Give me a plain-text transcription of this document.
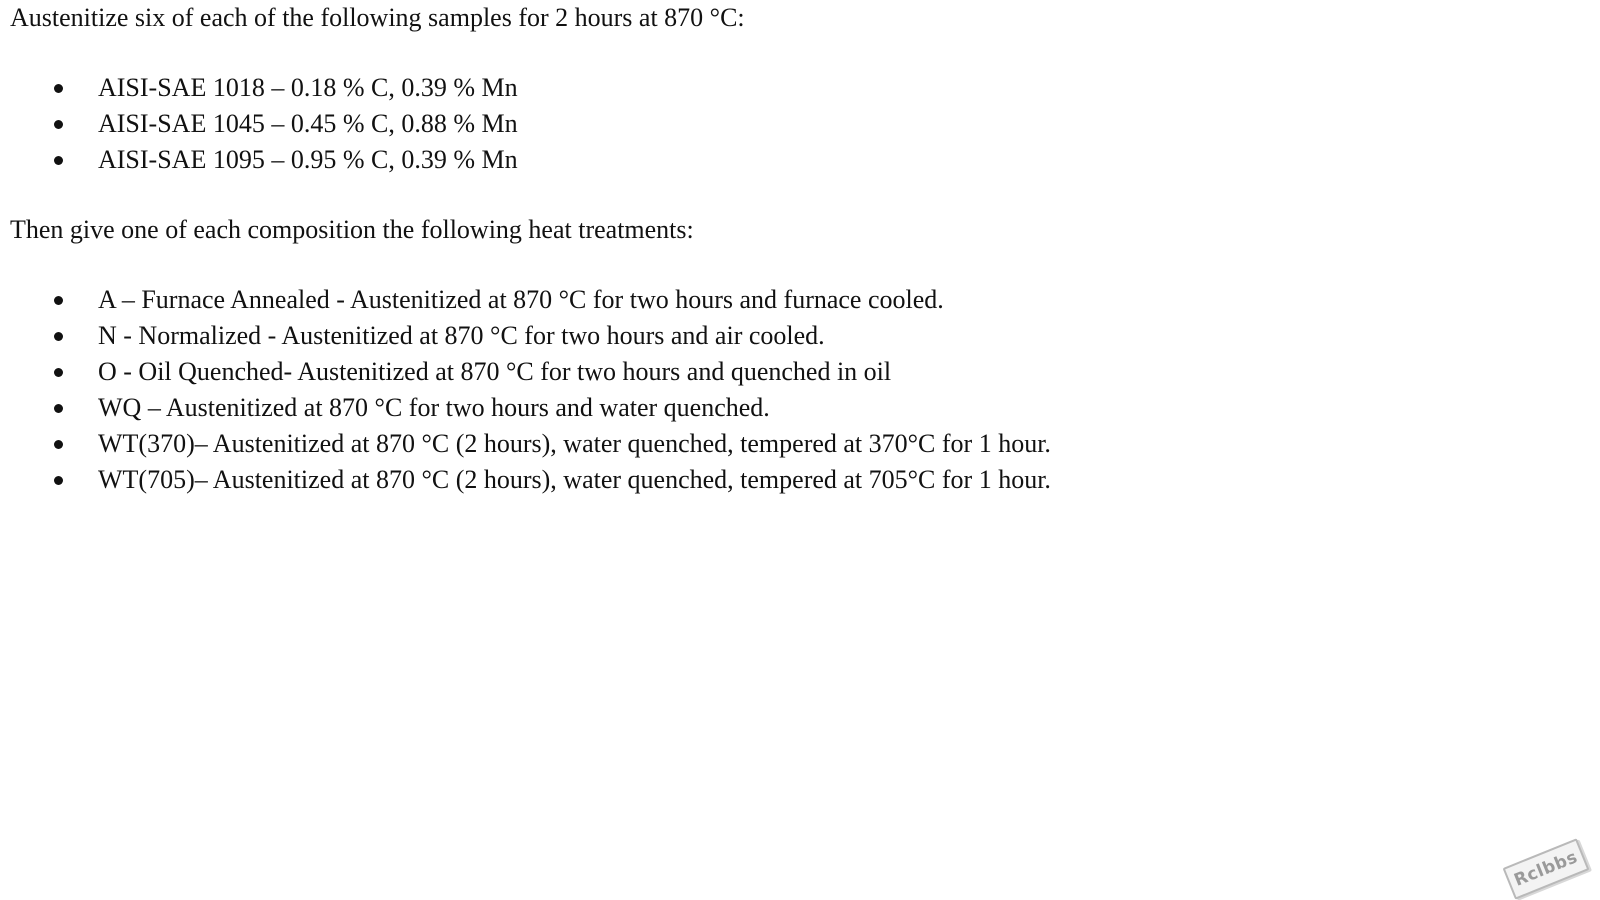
Austenitize six of each of the following samples for 2 hours at 870 °C:

AISI-SAE 1018 – 0.18 % C, 0.39 % Mn
AISI-SAE 1045 – 0.45 % C, 0.88 % Mn
AISI-SAE 1095 – 0.95 % C, 0.39 % Mn

Then give one of each composition the following heat treatments:

A – Furnace Annealed - Austenitized at 870 °C for two hours and furnace cooled.
N - Normalized - Austenitized at 870 °C for two hours and air cooled.
O - Oil Quenched- Austenitized at 870 °C for two hours and quenched in oil
WQ – Austenitized at 870 °C for two hours and water quenched.
WT(370)– Austenitized at 870 °C (2 hours), water quenched, tempered at 370°C for 1 hour.
WT(705)– Austenitized at 870 °C (2 hours), water quenched, tempered at 705°C for 1 hour.
Rclbbs
